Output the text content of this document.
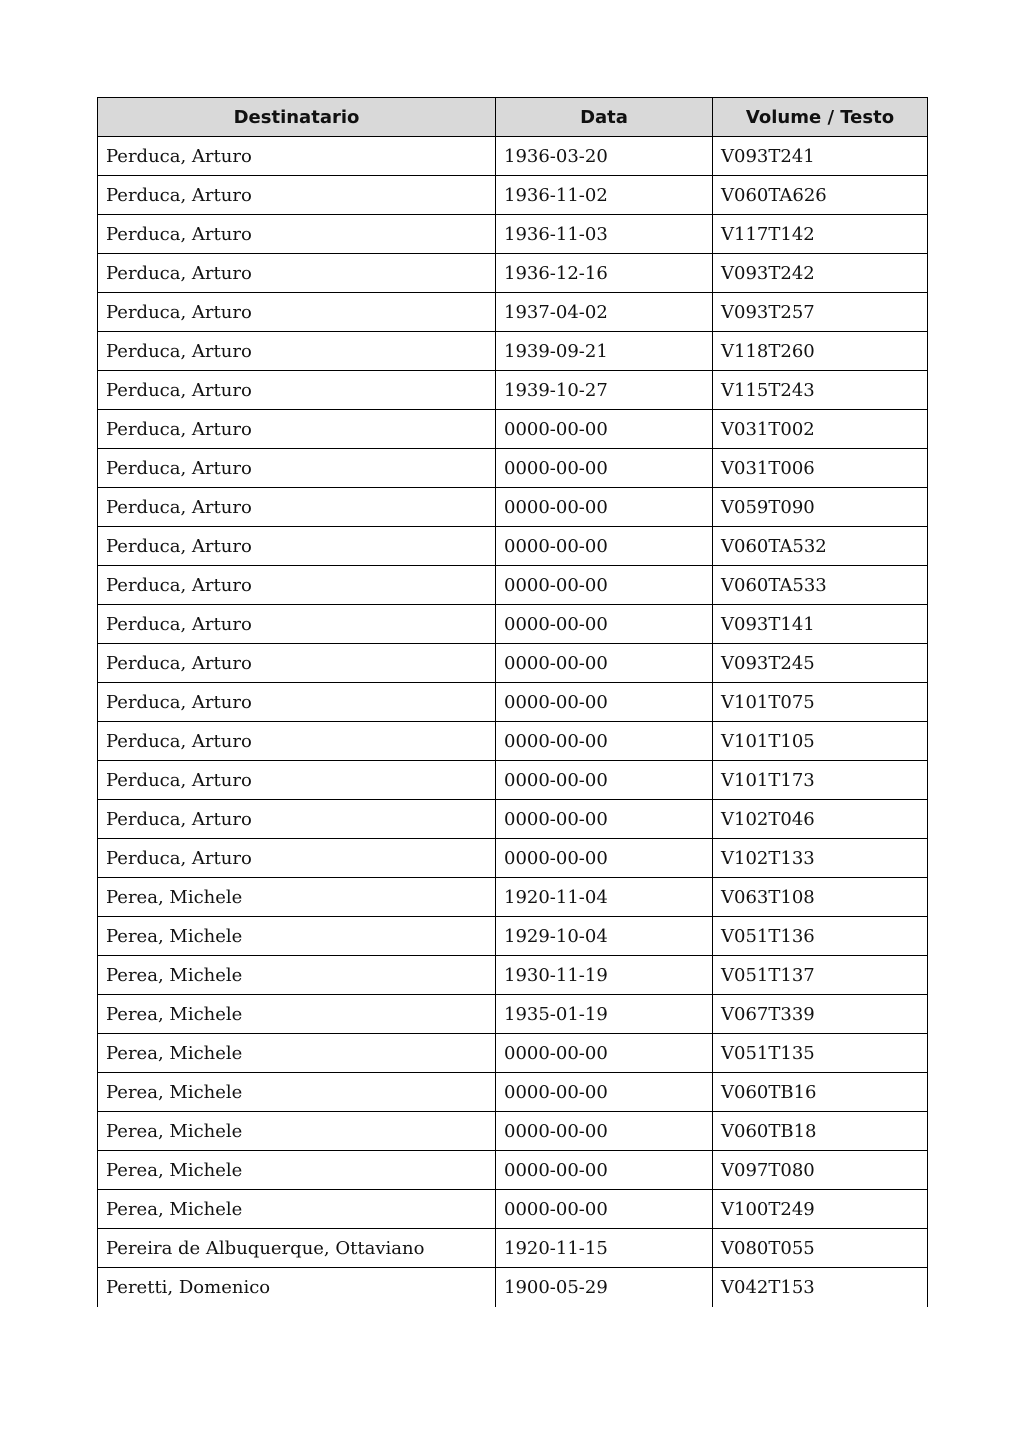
Destinatario	Data	Volume / Testo
Perduca, Arturo	1936-03-20	V093T241
Perduca, Arturo	1936-11-02	V060TA626
Perduca, Arturo	1936-11-03	V117T142
Perduca, Arturo	1936-12-16	V093T242
Perduca, Arturo	1937-04-02	V093T257
Perduca, Arturo	1939-09-21	V118T260
Perduca, Arturo	1939-10-27	V115T243
Perduca, Arturo	0000-00-00	V031T002
Perduca, Arturo	0000-00-00	V031T006
Perduca, Arturo	0000-00-00	V059T090
Perduca, Arturo	0000-00-00	V060TA532
Perduca, Arturo	0000-00-00	V060TA533
Perduca, Arturo	0000-00-00	V093T141
Perduca, Arturo	0000-00-00	V093T245
Perduca, Arturo	0000-00-00	V101T075
Perduca, Arturo	0000-00-00	V101T105
Perduca, Arturo	0000-00-00	V101T173
Perduca, Arturo	0000-00-00	V102T046
Perduca, Arturo	0000-00-00	V102T133
Perea, Michele	1920-11-04	V063T108
Perea, Michele	1929-10-04	V051T136
Perea, Michele	1930-11-19	V051T137
Perea, Michele	1935-01-19	V067T339
Perea, Michele	0000-00-00	V051T135
Perea, Michele	0000-00-00	V060TB16
Perea, Michele	0000-00-00	V060TB18
Perea, Michele	0000-00-00	V097T080
Perea, Michele	0000-00-00	V100T249
Pereira de Albuquerque, Ottaviano	1920-11-15	V080T055
Peretti, Domenico	1900-05-29	V042T153
